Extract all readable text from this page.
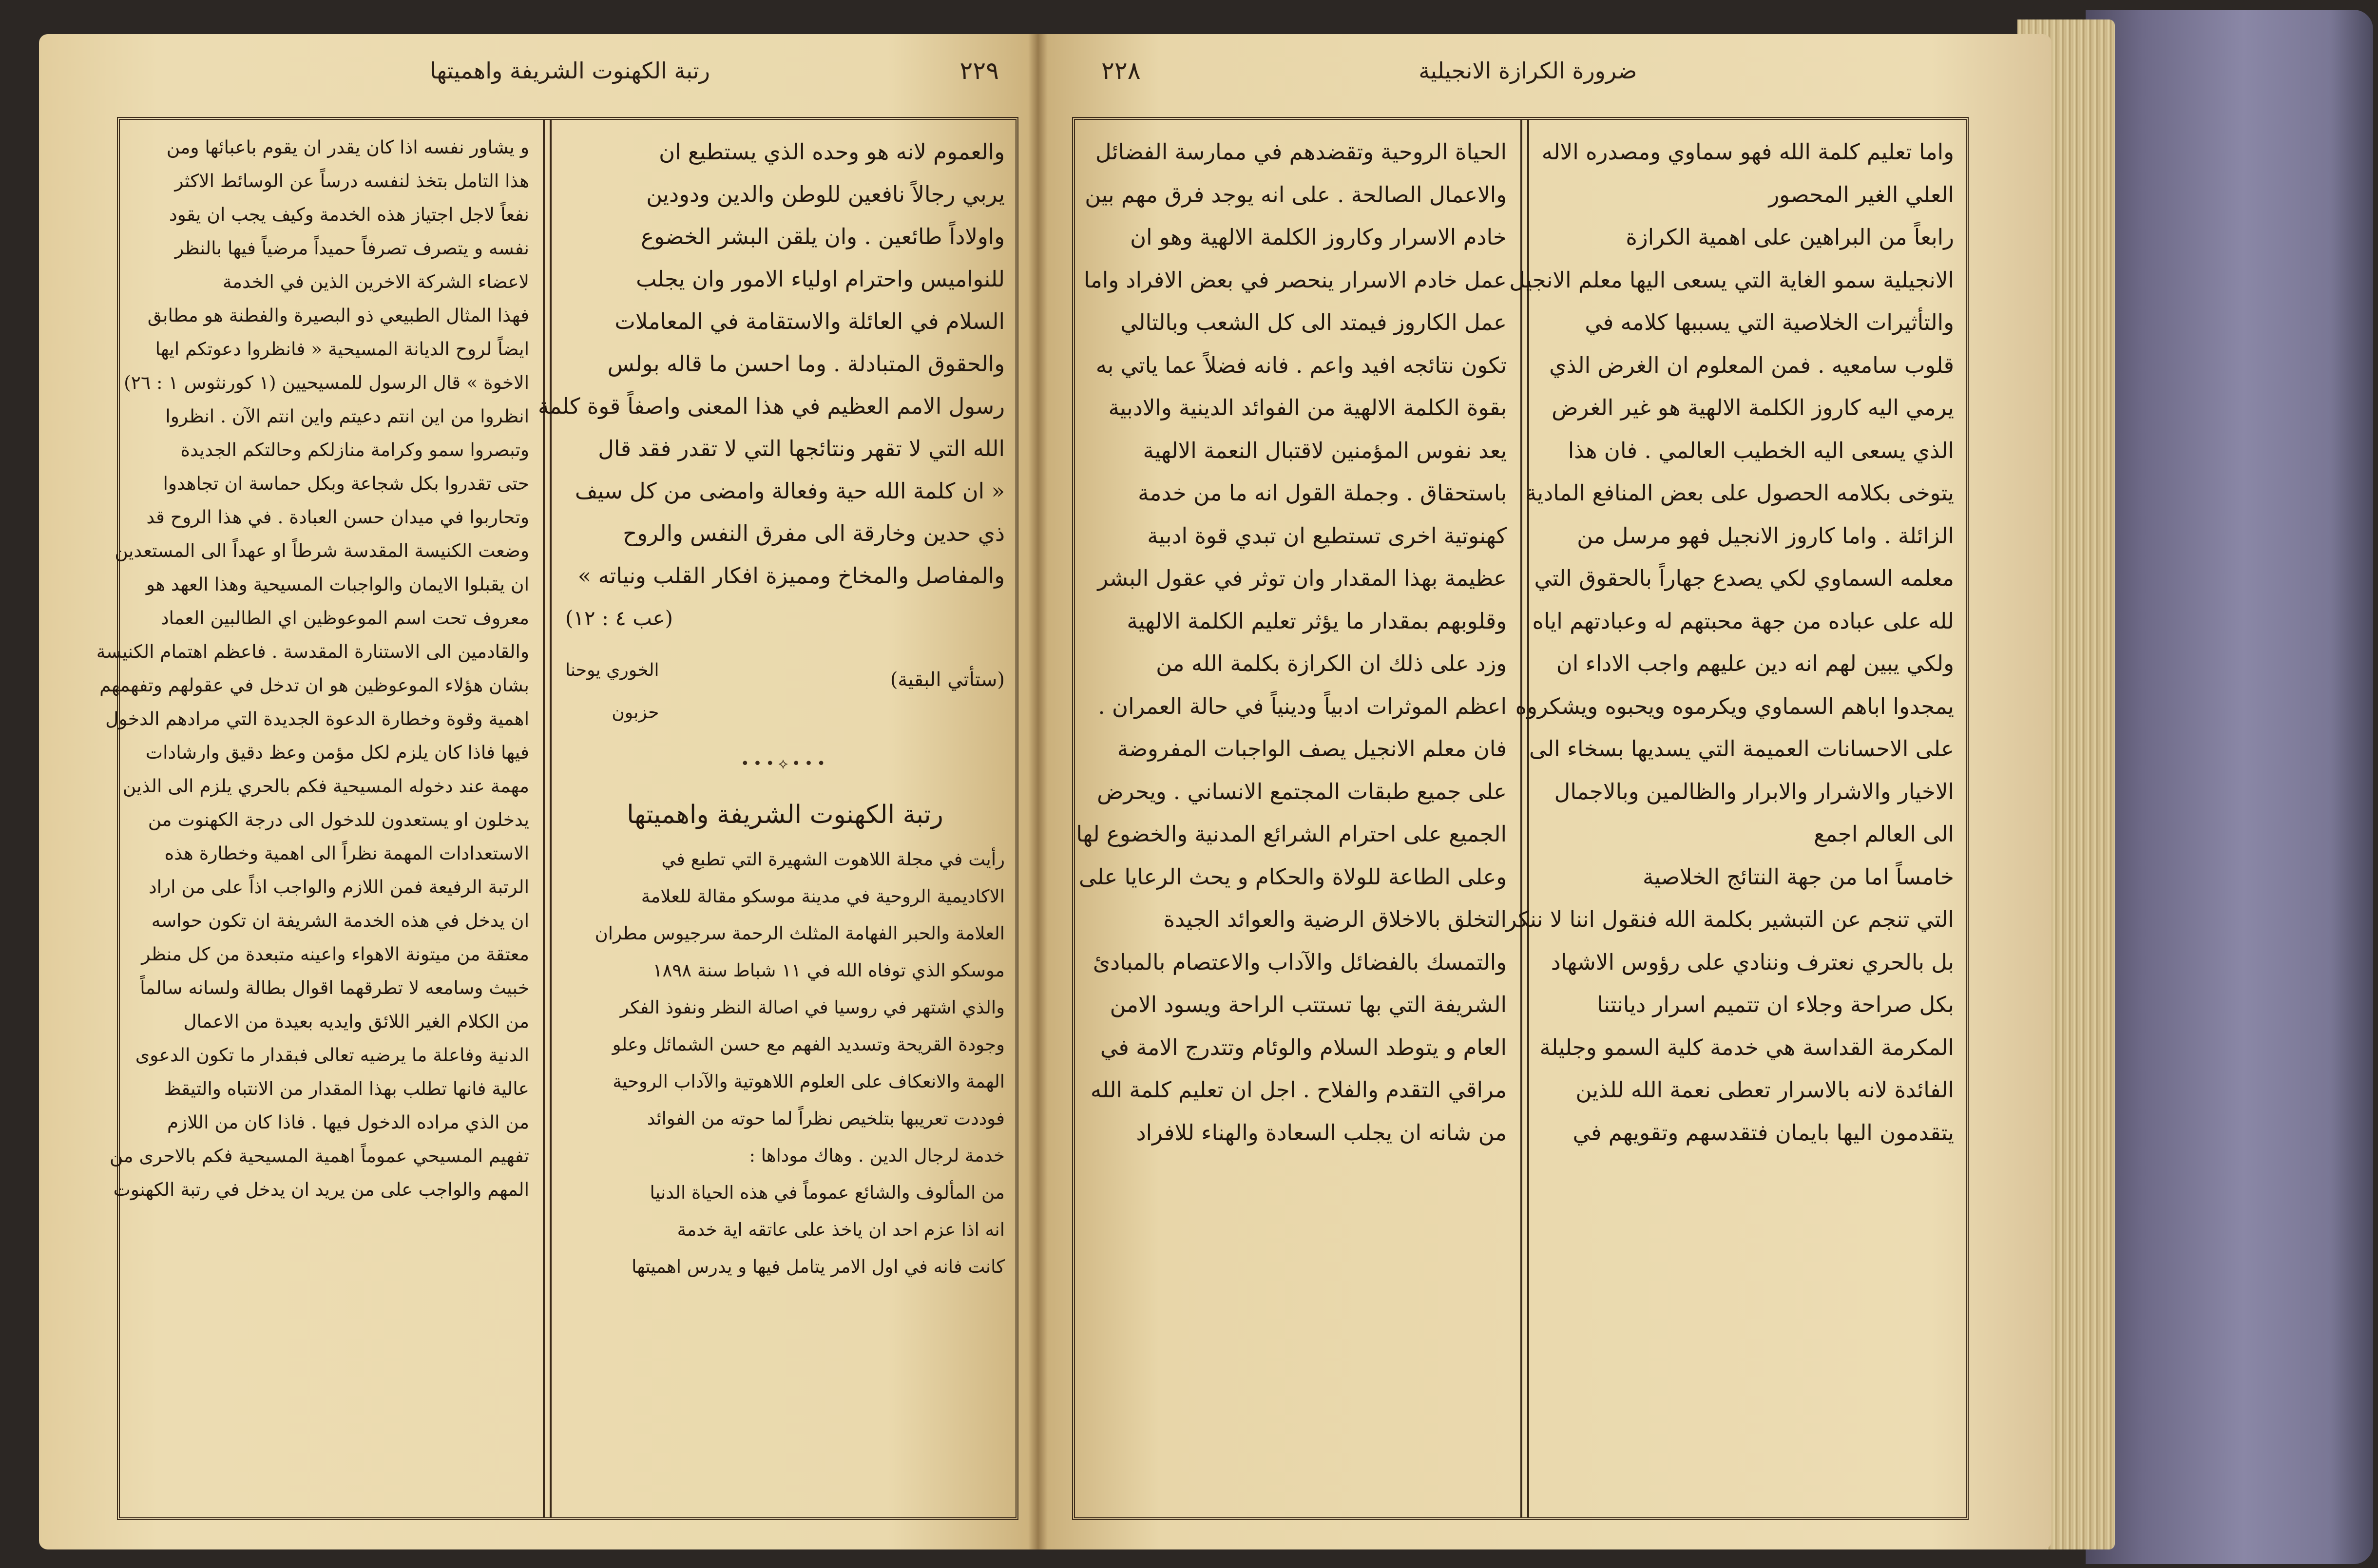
٢٢٩
رتبة الكهنوت الشريفة واهميتها	ضرورة الكرازة الانجيلية
٢٢٨
و يشاور نفسه اذا كان يقدر ان يقوم باعبائها ومن
هذا التامل بتخذ لنفسه درساً عن الوسائط الاكثر
نفعاً لاجل اجتياز هذه الخدمة وكيف يجب ان يقود
نفسه و يتصرف تصرفاً حميداً مرضياً فيها بالنظر
لاعضاء الشركة الاخرين الذين في الخدمة
فهذا المثال الطبيعي ذو البصيرة والفطنة هو مطابق
ايضاً لروح الديانة المسيحية « فانظروا دعوتكم ايها
الاخوة » قال الرسول للمسيحيين (١ كورنثوس ١ : ٢٦)
انظروا من اين انتم دعيتم واين انتم الآن . انظروا
وتبصروا سمو وكرامة منازلكم وحالتكم الجديدة
حتى تقدروا بكل شجاعة وبكل حماسة ان تجاهدوا
وتحاربوا في ميدان حسن العبادة . في هذا الروح قد
وضعت الكنيسة المقدسة شرطاً او عهداً الى المستعدين
ان يقبلوا الايمان والواجبات المسيحية وهذا العهد هو
معروف تحت اسم الموعوظين اي الطالبين العماد
والقادمين الى الاستنارة المقدسة . فاعظم اهتمام الكنيسة
بشان هؤلاء الموعوظين هو ان تدخل في عقولهم وتفهمهم
اهمية وقوة وخطارة الدعوة الجديدة التي مرادهم الدخول
فيها فاذا كان يلزم لكل مؤمن وعظ دقيق وارشادات
مهمة عند دخوله المسيحية فكم بالحري يلزم الى الذين
يدخلون او يستعدون للدخول الى درجة الكهنوت من
الاستعدادات المهمة نظراً الى اهمية وخطارة هذه
الرتبة الرفيعة فمن اللازم والواجب اذاً على من اراد
ان يدخل في هذه الخدمة الشريفة ان تكون حواسه
معتقة من ميتونة الاهواء واعينه متبعدة من كل منظر
خبيث وسامعه لا تطرقهما اقوال بطالة ولسانه سالماً
من الكلام الغير اللائق وايديه بعيدة من الاعمال
الدنية وفاعلة ما يرضيه تعالى فبقدار ما تكون الدعوى
عالية فانها تطلب بهذا المقدار من الانتباه والتيقظ
من الذي مراده الدخول فيها . فاذا كان من اللازم
تفهيم المسيحي عموماً اهمية المسيحية فكم بالاحرى من
المهم والواجب على من يريد ان يدخل في رتبة الكهنوت
والعموم لانه هو وحده الذي يستطيع ان
يربي رجالاً نافعين للوطن والدين ودودين
واولاداً طائعين . وان يلقن البشر الخضوع
للنواميس واحترام اولياء الامور وان يجلب
السلام في العائلة والاستقامة في المعاملات
والحقوق المتبادلة . وما احسن ما قاله بولس
رسول الامم العظيم في هذا المعنى واصفاً قوة كلمة
الله التي لا تقهر ونتائجها التي لا تقدر فقد قال
« ان كلمة الله حية وفعالة وامضى من كل سيف
ذي حدين وخارقة الى مفرق النفس والروح
والمفاصل والمخاخ ومميزة افكار القلب ونياته »
(عب ٤ : ١٢)
(ستأتي البقية)
الخوري يوحنا
حزبون
•••⟡•••
رتبة الكهنوت الشريفة واهميتها
رأيت في مجلة اللاهوت الشهيرة التي تطبع في
الاكاديمية الروحية في مدينة موسكو مقالة للعلامة
العلامة والحبر الفهامة المثلث الرحمة سرجيوس مطران
موسكو الذي توفاه الله في ١١ شباط سنة ١٨٩٨
والذي اشتهر في روسيا في اصالة النظر ونفوذ الفكر
وجودة القريحة وتسديد الفهم مع حسن الشمائل وعلو
الهمة والانعكاف على العلوم اللاهوتية والآداب الروحية
فوددت تعريبها بتلخيص نظراً لما حوته من الفوائد
خدمة لرجال الدين . وهاك موداها :
من المألوف والشائع عموماً في هذه الحياة الدنيا
انه اذا عزم احد ان ياخذ على عاتقه اية خدمة
كانت فانه في اول الامر يتامل فيها و يدرس اهميتها
الحياة الروحية وتقضدهم في ممارسة الفضائل
والاعمال الصالحة . على انه يوجد فرق مهم بين
خادم الاسرار وكاروز الكلمة الالهية وهو ان
عمل خادم الاسرار ينحصر في بعض الافراد واما
عمل الكاروز فيمتد الى كل الشعب وبالتالي
تكون نتائجه افيد واعم . فانه فضلاً عما ياتي به
بقوة الكلمة الالهية من الفوائد الدينية والادبية
يعد نفوس المؤمنين لاقتبال النعمة الالهية
باستحقاق . وجملة القول انه ما من خدمة
كهنوتية اخرى تستطيع ان تبدي قوة ادبية
عظيمة بهذا المقدار وان توثر في عقول البشر
وقلوبهم بمقدار ما يؤثر تعليم الكلمة الالهية
وزد على ذلك ان الكرازة بكلمة الله من
اعظم الموثرات ادبياً ودينياً في حالة العمران .
فان معلم الانجيل يصف الواجبات المفروضة
على جميع طبقات المجتمع الانساني . ويحرض
الجميع على احترام الشرائع المدنية والخضوع لها
وعلى الطاعة للولاة والحكام و يحث الرعايا على
التخلق بالاخلاق الرضية والعوائد الجيدة
والتمسك بالفضائل والآداب والاعتصام بالمبادئ
الشريفة التي بها تستتب الراحة ويسود الامن
العام و يتوطد السلام والوئام وتتدرج الامة في
مراقي التقدم والفلاح . اجل ان تعليم كلمة الله
من شانه ان يجلب السعادة والهناء للافراد
واما تعليم كلمة الله فهو سماوي ومصدره الاله
العلي الغير المحصور
رابعاً من البراهين على اهمية الكرازة
الانجيلية سمو الغاية التي يسعى اليها معلم الانجيل
والتأثيرات الخلاصية التي يسببها كلامه في
قلوب سامعيه . فمن المعلوم ان الغرض الذي
يرمي اليه كاروز الكلمة الالهية هو غير الغرض
الذي يسعى اليه الخطيب العالمي . فان هذا
يتوخى بكلامه الحصول على بعض المنافع المادية
الزائلة . واما كاروز الانجيل فهو مرسل من
معلمه السماوي لكي يصدع جهاراً بالحقوق التي
لله على عباده من جهة محبتهم له وعبادتهم اياه
ولكي يبين لهم انه دين عليهم واجب الاداء ان
يمجدوا اباهم السماوي ويكرموه ويحبوه ويشكروه
على الاحسانات العميمة التي يسديها بسخاء الى
الاخيار والاشرار والابرار والظالمين وبالاجمال
الى العالم اجمع
خامساً اما من جهة النتائج الخلاصية
التي تنجم عن التبشير بكلمة الله فنقول اننا لا ننكر
بل بالحري نعترف وننادي على رؤوس الاشهاد
بكل صراحة وجلاء ان تتميم اسرار ديانتنا
المكرمة القداسة هي خدمة كلية السمو وجليلة
الفائدة لانه بالاسرار تعطى نعمة الله للذين
يتقدمون اليها بايمان فتقدسهم وتقويهم في
